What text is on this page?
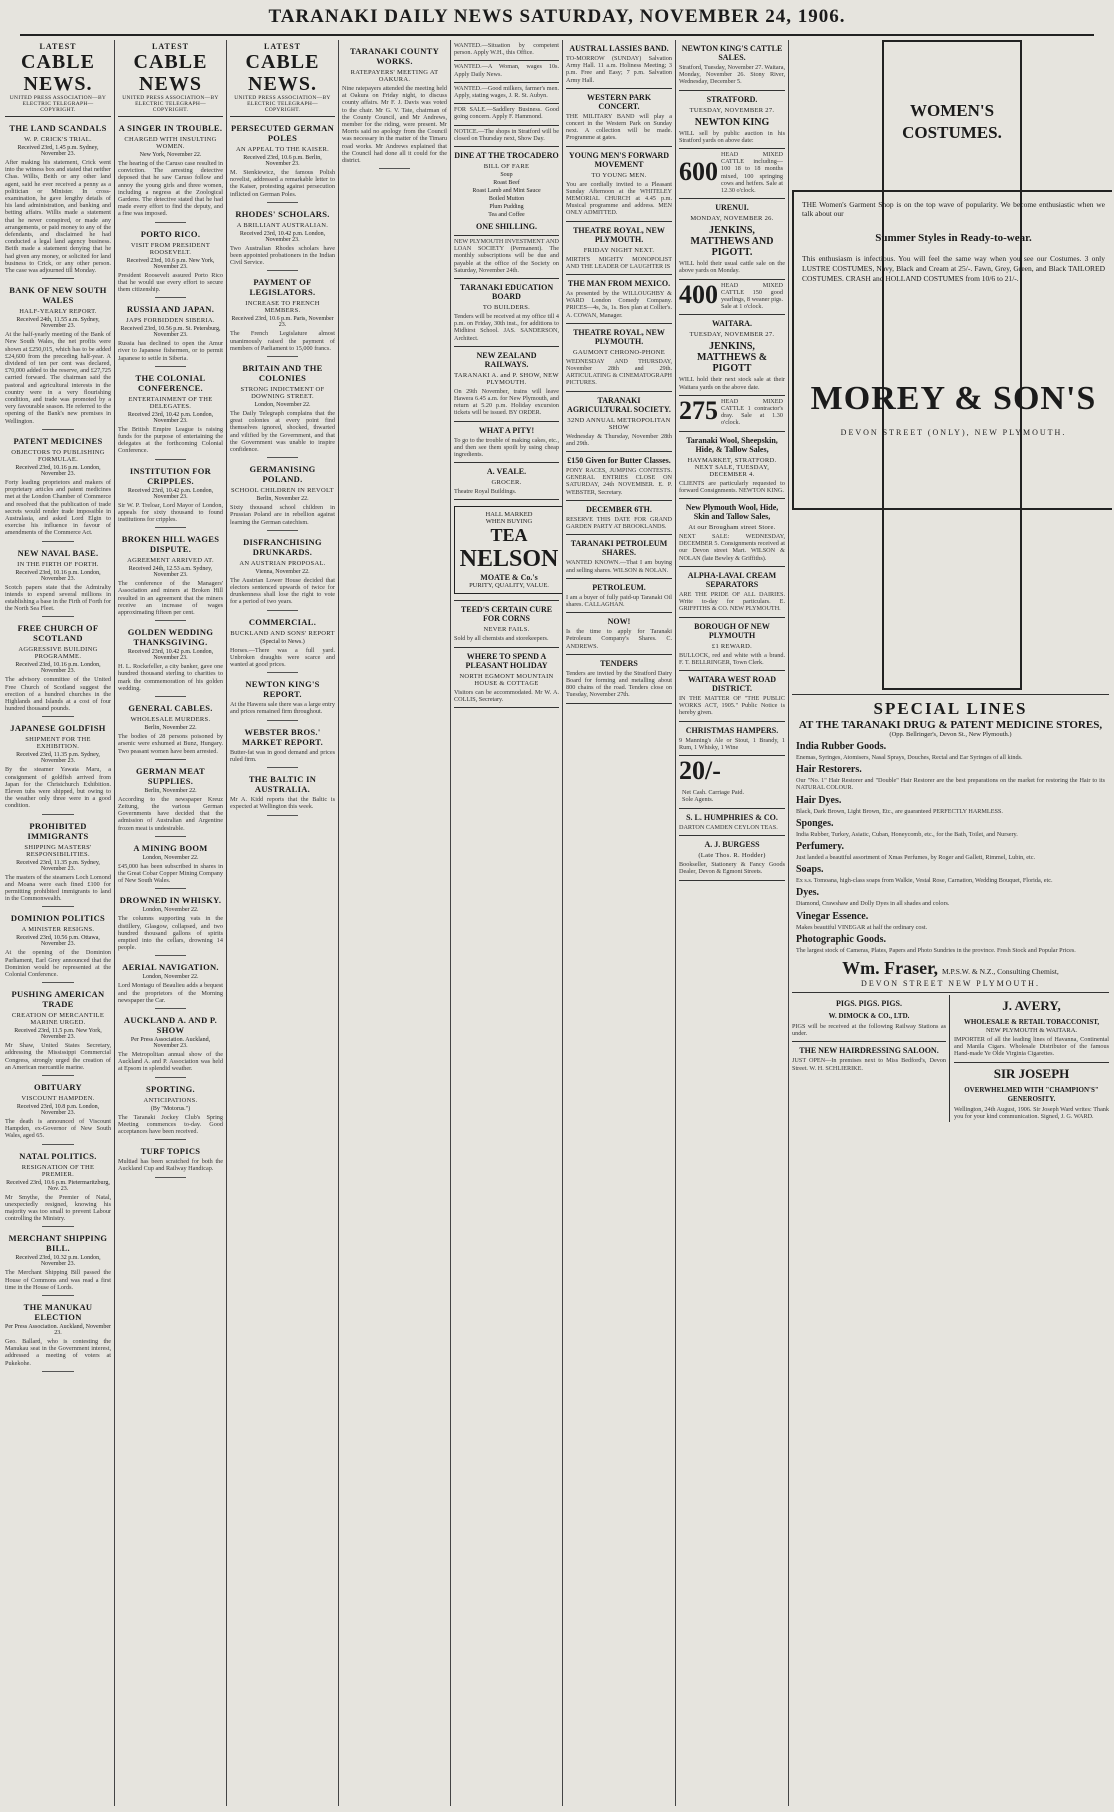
TARANAKI DAILY NEWS SATURDAY, NOVEMBER 24, 1906.
LATEST
CABLE NEWS.
UNITED PRESS ASSOCIATION—BY ELECTRIC TELEGRAPH—COPYRIGHT.
THE LAND SCANDALS
W. P. CRICK'S TRIAL.
Received 23rd, 1.45 p.m. Sydney, November 23.
After making his statement, Crick went into the witness box and stated that neither Chas. Willis, Beith or any other land agent, said he ever received a penny as a politician or Minister. In cross-examination, he gave lengthy details of his land administration, and banking and betting affairs. Willis made a statement that he never conspired, or made any arrangements, or paid money to any of the defendants, and disclaimed he had conducted a legal land agency business. Beith made a statement denying that he had given any money, or solicited for land business to Crick, or any other person. The case was adjourned till Monday.
BANK OF NEW SOUTH WALES
HALF-YEARLY REPORT.
Received 24th, 11.55 a.m. Sydney, November 23.
At the half-yearly meeting of the Bank of New South Wales, the net profits were shown at £250,015, which has to be added £24,600 from the preceding half-year. A dividend of ten per cent was declared, £70,000 added to the reserve, and £27,725 carried forward. The chairman said the pastoral and agricultural interests in the country were in a very flourishing condition, and trade was promoted by a very favourable season. He referred to the opening of the Bank's new premises in Wellington.
PATENT MEDICINES
OBJECTORS TO PUBLISHING FORMULAE.
Received 23rd, 10.16 p.m. London, November 23.
Forty leading proprietors and makers of proprietary articles and patent medicines met at the London Chamber of Commerce and resolved that the publication of trade secrets would render trade impossible in Australasia, and asked Lord Elgin to exercise his influence in favour of amendments of the Commerce Act.
NEW NAVAL BASE.
IN THE FIRTH OF FORTH.
Received 23rd, 10.16 p.m. London, November 23.
Scotch papers state that the Admiralty intends to expend several millions in establishing a base in the Firth of Forth for the North Sea Fleet.
FREE CHURCH OF SCOTLAND
AGGRESSIVE BUILDING PROGRAMME.
Received 23rd, 10.16 p.m. London, November 23.
The advisory committee of the United Free Church of Scotland suggest the erection of a hundred churches in the Highlands and Islands at a cost of four hundred thousand pounds.
JAPANESE GOLDFISH
SHIPMENT FOR THE EXHIBITION.
Received 23rd, 11.35 p.m. Sydney, November 23.
By the steamer Yawata Maru, a consignment of goldfish arrived from Japan for the Christchurch Exhibition. Eleven tubs were shipped, but owing to the weather only three were in a good condition.
PROHIBITED IMMIGRANTS
SHIPPING MASTERS' RESPONSIBILITIES.
Received 23rd, 11.35 p.m. Sydney, November 23.
The masters of the steamers Loch Lomond and Moana were each fined £100 for permitting prohibited immigrants to land in the Commonwealth.
DOMINION POLITICS
A MINISTER RESIGNS.
Received 23rd, 10.56 p.m. Ottawa, November 23.
At the opening of the Dominion Parliament, Earl Grey announced that the Dominion would be represented at the Colonial Conference.
PUSHING AMERICAN TRADE
CREATION OF MERCANTILE MARINE URGED.
Received 23rd, 11.5 p.m. New York, November 23.
Mr Shaw, United States Secretary, addressing the Mississippi Commercial Congress, strongly urged the creation of an American mercantile marine.
OBITUARY
VISCOUNT HAMPDEN.
Received 23rd, 10.8 p.m. London, November 23.
The death is announced of Viscount Hampden, ex-Governor of New South Wales, aged 65.
NATAL POLITICS.
RESIGNATION OF THE PREMIER.
Received 23rd, 10.6 p.m. Pietermaritzburg, Nov. 23.
Mr Smythe, the Premier of Natal, unexpectedly resigned, knowing his majority was too small to prevent Labour controlling the Ministry.
MERCHANT SHIPPING BILL.
Received 23rd, 10.32 p.m. London, November 23.
The Merchant Shipping Bill passed the House of Commons and was read a first time in the House of Lords.
THE MANUKAU ELECTION
Per Press Association. Auckland, November 23.
Geo. Ballard, who is contesting the Manukau seat in the Government interest, addressed a meeting of voters at Pukekohe.
LATEST
CABLE NEWS
UNITED PRESS ASSOCIATION—BY ELECTRIC TELEGRAPH—COPYRIGHT.
A SINGER IN TROUBLE.
CHARGED WITH INSULTING WOMEN.
New York, November 22.
The hearing of the Caruso case resulted in conviction. The arresting detective deposed that he saw Caruso follow and annoy the young girls and three women, including a negress at the Zoological Gardens. The detective stated that he had made every effort to find the deputy, and a fine was imposed.
PORTO RICO.
VISIT FROM PRESIDENT ROOSEVELT.
Received 23rd, 10.6 p.m. New York, November 23.
President Roosevelt assured Porto Rico that he would use every effort to secure them citizenship.
RUSSIA AND JAPAN.
JAPS FORBIDDEN SIBERIA.
Received 23rd, 10.56 p.m. St. Petersburg, November 23.
Russia has declined to open the Amur river to Japanese fishermen, or to permit Japanese to settle in Siberia.
THE COLONIAL CONFERENCE.
ENTERTAINMENT OF THE DELEGATES.
Received 23rd, 10.42 p.m. London, November 23.
The British Empire League is raising funds for the purpose of entertaining the delegates at the forthcoming Colonial Conference.
INSTITUTION FOR CRIPPLES.
Received 23rd, 10.42 p.m. London, November 23.
Sir W. P. Treloar, Lord Mayor of London, appeals for sixty thousand to found institutions for cripples.
BROKEN HILL WAGES DISPUTE.
AGREEMENT ARRIVED AT.
Received 24th, 12.53 a.m. Sydney, November 23.
The conference of the Managers' Association and miners at Broken Hill resulted in an agreement that the miners receive an increase of wages approximating fifteen per cent.
GOLDEN WEDDING THANKSGIVING.
Received 23rd, 10.42 p.m. London, November 23.
H. L. Rockefeller, a city banker, gave one hundred thousand sterling to charities to mark the commemoration of his golden wedding.
GENERAL CABLES.
WHOLESALE MURDERS.
Berlin, November 22.
The bodies of 28 persons poisoned by arsenic were exhumed at Bunz, Hungary. Two peasant women have been arrested.
GERMAN MEAT SUPPLIES.
Berlin, November 22.
According to the newspaper Kreuz Zeitung, the various German Governments have decided that the admission of Australian and Argentine frozen meat is undesirable.
A MINING BOOM
London, November 22.
£45,000 has been subscribed in shares in the Great Cobar Copper Mining Company of New South Wales.
DROWNED IN WHISKY.
London, November 22.
The columns supporting vats in the distillery, Glasgow, collapsed, and two hundred thousand gallons of spirits emptied into the cellars, drowning 14 people.
AERIAL NAVIGATION.
London, November 22.
Lord Montagu of Beaulieu adds a bequest and the proprietors of the Morning newspaper the Car.
AUCKLAND A. AND P. SHOW
Per Press Association. Auckland, November 23.
The Metropolitan annual show of the Auckland A. and P. Association was held at Epsom in splendid weather.
SPORTING.
ANTICIPATIONS.
(By "Motorus.")
The Taranaki Jockey Club's Spring Meeting commences to-day. Good acceptances have been received.
TURF TOPICS
Multiad has been scratched for both the Auckland Cup and Railway Handicap.
LATEST
CABLE NEWS.
UNITED PRESS ASSOCIATION—BY ELECTRIC TELEGRAPH—COPYRIGHT.
PERSECUTED GERMAN POLES
AN APPEAL TO THE KAISER.
Received 23rd, 10.6 p.m. Berlin, November 23.
M. Sienkiewicz, the famous Polish novelist, addressed a remarkable letter to the Kaiser, protesting against persecution inflicted on German Poles.
RHODES' SCHOLARS.
A BRILLIANT AUSTRALIAN.
Received 23rd, 10.42 p.m. London, November 23.
Two Australian Rhodes scholars have been appointed probationers in the Indian Civil Service.
PAYMENT OF LEGISLATORS.
INCREASE TO FRENCH MEMBERS.
Received 23rd, 10.6 p.m. Paris, November 23.
The French Legislature almost unanimously raised the payment of members of Parliament to 15,000 francs.
BRITAIN AND THE COLONIES
STRONG INDICTMENT OF DOWNING STREET.
London, November 22.
The Daily Telegraph complains that the great colonies at every point find themselves ignored, shocked, thwarted and vilified by the Government, and that the Government was unable to inspire confidence.
GERMANISING POLAND.
SCHOOL CHILDREN IN REVOLT
Berlin, November 22.
Sixty thousand school children in Prussian Poland are in rebellion against learning the German catechism.
DISFRANCHISING DRUNKARDS.
AN AUSTRIAN PROPOSAL.
Vienna, November 22.
The Austrian Lower House decided that electors sentenced upwards of twice for drunkenness shall lose the right to vote for a period of two years.
COMMERCIAL.
BUCKLAND AND SONS' REPORT
(Special to News.)
Horses.—There was a full yard. Unbroken draughts were scarce and wanted at good prices.
NEWTON KING'S REPORT.
At the Hawera sale there was a large entry and prices remained firm throughout.
WEBSTER BROS.' MARKET REPORT.
Butter-fat was in good demand and prices ruled firm.
THE BALTIC IN AUSTRALIA.
Mr A. Kidd reports that the Baltic is expected at Wellington this week.
TARANAKI COUNTY WORKS.
RATEPAYERS' MEETING AT OAKURA.
Nine ratepayers attended the meeting held at Oakura on Friday night, to discuss county affairs. Mr F. J. Davis was voted to the chair. Mr G. V. Tate, chairman of the County Council, and Mr Andrews, member for the riding, were present. Mr Morris said no apology from the Council was necessary in the matter of the Timaru road works. Mr Andrews explained that the Council had done all it could for the district.
WANTED.—Situation by competent person. Apply W.H., this Office.
WANTED.—A Woman, wages 10s. Apply Daily News.
WANTED.—Good milkers, farmer's men. Apply, stating wages, J. R. St. Aubyn.
FOR SALE.—Saddlery Business. Good going concern. Apply F. Hammond.
NOTICE.—The shops in Stratford will be closed on Thursday next, Show Day.
DINE AT THE TROCADERO
BILL OF FARE
Soup
Roast Beef
Roast Lamb and Mint Sauce
Boiled Mutton
Plum Pudding
Tea and Coffee
ONE SHILLING.
NEW PLYMOUTH INVESTMENT AND LOAN SOCIETY (Permanent). The monthly subscriptions will be due and payable at the office of the Society on Saturday, November 24th.
TARANAKI EDUCATION BOARD
TO BUILDERS.
Tenders will be received at my office till 4 p.m. on Friday, 30th inst., for additions to Midhirst School. JAS. SANDERSON, Architect.
NEW ZEALAND RAILWAYS.
TARANAKI A. and P. SHOW, NEW PLYMOUTH.
On 29th November, trains will leave Hawera 6.45 a.m. for New Plymouth, and return at 5.20 p.m. Holiday excursion tickets will be issued. BY ORDER.
WHAT A PITY!
To go to the trouble of making cakes, etc., and then see them spoilt by using cheap ingredients.
A. VEALE.
GROCER.
Theatre Royal Buildings.
HALL MARKED
WHEN BUYING
TEA
NELSON
MOATE & Co.'s
PURITY, QUALITY, VALUE.
TEED'S CERTAIN CURE FOR CORNS
NEVER FAILS.
Sold by all chemists and storekeepers.
WHERE TO SPEND A PLEASANT HOLIDAY
NORTH EGMONT MOUNTAIN HOUSE & COTTAGE
Visitors can be accommodated. Mr W. A. COLLIS, Secretary.
AUSTRAL LASSIES BAND.
TO-MORROW (SUNDAY) Salvation Army Hall. 11 a.m. Holiness Meeting; 3 p.m. Free and Easy; 7 p.m. Salvation Army Hall.
WESTERN PARK CONCERT.
THE MILITARY BAND will play a concert in the Western Park on Sunday next. A collection will be made. Programme at gates.
YOUNG MEN'S FORWARD MOVEMENT
TO YOUNG MEN.
You are cordially invited to a Pleasant Sunday Afternoon at the WHITELEY MEMORIAL CHURCH at 4.45 p.m. Musical programme and address. MEN ONLY ADMITTED.
THEATRE ROYAL, NEW PLYMOUTH.
FRIDAY NIGHT NEXT.
MIRTH'S MIGHTY MONOPOLIST AND THE LEADER OF LAUGHTER IS
THE MAN FROM MEXICO.
As presented by the WILLOUGHBY & WARD London Comedy Company. PRICES—4s, 3s, 1s. Box plan at Collier's. A. COWAN, Manager.
THEATRE ROYAL, NEW PLYMOUTH.
GAUMONT CHRONO-PHONE
WEDNESDAY AND THURSDAY, November 28th and 29th. ARTICULATING & CINEMATOGRAPH PICTURES.
TARANAKI AGRICULTURAL SOCIETY.
32ND ANNUAL METROPOLITAN SHOW
Wednesday & Thursday, November 28th and 29th.
£150 Given for Butter Classes.
PONY RACES, JUMPING CONTESTS. GENERAL ENTRIES CLOSE ON SATURDAY, 24th NOVEMBER. E. P. WEBSTER, Secretary.
DECEMBER 6TH.
RESERVE THIS DATE FOR GRAND GARDEN PARTY AT BROOKLANDS.
TARANAKI PETROLEUM SHARES.
WANTED KNOWN.—That I am buying and selling shares. WILSON & NOLAN.
PETROLEUM.
I am a buyer of fully paid-up Taranaki Oil shares. CALLAGHAN.
NOW!
Is the time to apply for Taranaki Petroleum Company's Shares. C. ANDREWS.
TENDERS
Tenders are invited by the Stratford Dairy Board for forming and metalling about 800 chains of the road. Tenders close on Tuesday, November 27th.
NEWTON KING'S CATTLE SALES.
Stratford, Tuesday, November 27. Waitara, Monday, November 26. Stony River, Wednesday, December 5.
STRATFORD.
TUESDAY, NOVEMBER 27.
NEWTON KING
WILL sell by public auction in his Stratford yards on above date:
600HEAD MIXED CATTLE including—100 18 to 18 months mixed, 100 springing cows and heifers. Sale at 12.30 o'clock.
URENUI.
MONDAY, NOVEMBER 26.
JENKINS, MATTHEWS AND PIGOTT.
WILL hold their usual cattle sale on the above yards on Monday.
400 HEAD MIXED CATTLE 150 good yearlings, 8 weaner pigs. Sale at 1 o'clock.
WAITARA.
TUESDAY, NOVEMBER 27.
JENKINS, MATTHEWS & PIGOTT
WILL hold their next stock sale at their Waitara yards on the above date.
275 HEAD MIXED CATTLE 1 contractor's dray. Sale at 1.30 o'clock.
Taranaki Wool, Sheepskin, Hide, & Tallow Sales,
HAYMARKET, STRATFORD. NEXT SALE, TUESDAY, DECEMBER 4.
CLIENTS are particularly requested to forward Consignments. NEWTON KING.
New Plymouth Wool, Hide, Skin and Tallow Sales,
At our Brougham street Store.
NEXT SALE: WEDNESDAY, DECEMBER 5. Consignments received at our Devon street Mart. WILSON & NOLAN (late Bewley & Griffiths).
ALPHA-LAVAL CREAM SEPARATORS
ARE THE PRIDE OF ALL DAIRIES. Write to-day for particulars. E. GRIFFITHS & CO. NEW PLYMOUTH.
BOROUGH OF NEW PLYMOUTH
£1 REWARD.
BULLOCK, red and white with a brand. F. T. BELLRINGER, Town Clerk.
WAITARA WEST ROAD DISTRICT.
IN THE MATTER OF "THE PUBLIC WORKS ACT, 1905." Public Notice is hereby given.
CHRISTMAS HAMPERS.
9 Manning's Ale or Stout, 1 Brandy, 1 Rum, 1 Whisky, 1 Wine
20/-Net Cash. Carriage Paid. Sole Agents.
S. L. HUMPHRIES & CO.
DARTON CAMDEN CEYLON TEAS.
A. J. BURGESS
(Late Thos. R. Hodder)
Bookseller, Stationery & Fancy Goods Dealer, Devon & Egmont Streets.
WOMEN'S COSTUMES.
THE Women's Garment Shop is on the top wave of popularity. We become enthusiastic when we talk about our
Summer Styles in Ready-to-wear.
This enthusiasm is infectious. You will feel the same way when you see our Costumes. 3 only LUSTRE COSTUMES, Navy, Black and Cream at 25/-. Fawn, Grey, Green, and Black TAILORED COSTUMES. CRASH and HOLLAND COSTUMES from 10/6 to 21/-.
MOREY & SON'S
DEVON STREET (ONLY), NEW PLYMOUTH.
SPECIAL LINES
AT THE TARANAKI DRUG & PATENT MEDICINE STORES,
(Opp. Bellringer's, Devon St., New Plymouth.)
India Rubber Goods.
Enemas, Syringes, Atomisers, Nasal Sprays, Douches, Rectal and Ear Syringes of all kinds.
Hair Restorers.
Our "No. 1" Hair Restorer and "Double" Hair Restorer are the best preparations on the market for restoring the Hair to its NATURAL COLOUR.
Hair Dyes.
Black, Dark Brown, Light Brown, Etc., are guaranteed PERFECTLY HARMLESS.
Sponges.
India Rubber, Turkey, Asiatic, Cuban, Honeycomb, etc., for the Bath, Toilet, and Nursery.
Perfumery.
Just landed a beautiful assortment of Xmas Perfumes, by Roger and Gallett, Rimmel, Lubin, etc.
Soaps.
Ex s.s. Tomoana, high-class soaps from Walkie, Vestal Rose, Carnation, Wedding Bouquet, Florida, etc.
Dyes.
Diamond, Crawshaw and Dolly Dyes in all shades and colors.
Vinegar Essence.
Makes beautiful VINEGAR at half the ordinary cost.
Photographic Goods.
The largest stock of Cameras, Plates, Papers and Photo Sundries in the province. Fresh Stock and Popular Prices.
Wm. Fraser, M.P.S.W. & N.Z., Consulting Chemist,
DEVON STREET NEW PLYMOUTH.
PIGS. PIGS. PIGS.
W. DIMOCK & CO., LTD.
PIGS will be received at the following Railway Stations as under.
THE NEW HAIRDRESSING SALOON.
JUST OPEN—In premises next to Miss Bedford's, Devon Street. W. H. SCHLIERIKE.
J. AVERY,
WHOLESALE & RETAIL TOBACCONIST,
NEW PLYMOUTH & WAITARA.
IMPORTER of all the leading lines of Havanna, Continental and Manila Cigars. Wholesale Distributor of the famous Hand-made Ye Olde Virginia Cigarettes.
SIR JOSEPH
OVERWHELMED WITH "CHAMPION'S" GENEROSITY.
Wellington, 24th August, 1906. Sir Joseph Ward writes: Thank you for your kind communication. Signed, J. G. WARD.
